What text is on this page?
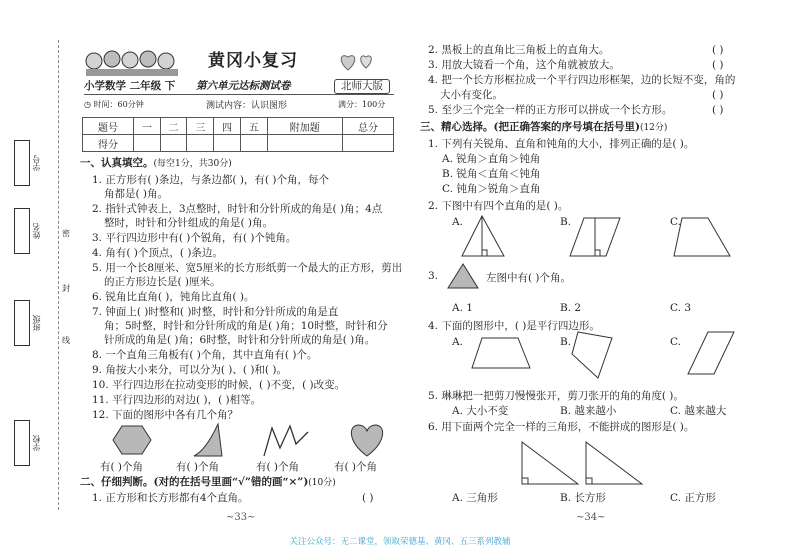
学号
姓名
班级
学校
密
封
线
黄冈小复习
小学数学 二年级 下 第六单元达标测试卷	北师大版
◷ 时间：60分钟	测试内容：认识图形	满分：100分
题号	一	二	三	四	五	附加题	总分
得分							
一、认真填空。(每空1分，共30分)
1. 正方形有( )条边，与条边都( )，有( )个角，每个
角都是( )角。
2. 指针式钟表上，3点整时，时针和分针所成的角是( )角；4点
整时，时针和分针组成的角是( )角。
3. 平行四边形中有( )个锐角，有( )个钝角。
4. 角有( )个顶点，( )条边。
5. 用一个长8厘米、宽5厘米的长方形纸剪一个最大的正方形，剪出
的正方形边长是( )厘米。
6. 锐角比直角( )，钝角比直角( )。
7. 钟面上( )时整和( )时整，时针和分针所成的角是直
角；5时整，时针和分针所成的角是( )角；10时整，时针和分
针所成的角是( )角；6时整，时针和分针所成的角是( )角。
8. 一个直角三角板有( )个角，其中直角有( )个。
9. 角按大小来分，可以分为( )、( )和( )。
10. 平行四边形在拉动变形的时候，( )不变，( )改变。
11. 平行四边形的对边( )，( )相等。
12. 下面的图形中各有几个角？
有( )个角	有( )个角	有( )个角	有( )个角
二、仔细判断。(对的在括号里画“√”错的画“×”)(10分)
1. 正方形和长方形都有4个直角。	( )
2. 黑板上的直角比三角板上的直角大。	( )
3. 用放大镜看一个角，这个角就被放大。	( )
4. 把一个长方形框拉成一个平行四边形框架，边的长短不变，角的
大小有变化。	( )
5. 至少三个完全一样的正方形可以拼成一个长方形。	( )
三、精心选择。(把正确答案的序号填在括号里)(12分)
1. 下列有关锐角、直角和钝角的大小，排列正确的是( )。
A. 锐角＞直角＞钝角
B. 锐角＜直角＜钝角
C. 钝角＞锐角＞直角
2. 下图中有四个直角的是( )。
A.	B.	C.
3.	左图中有( )个角。
A. 1	B. 2	C. 3
4. 下面的图形中，( )是平行四边形。
A.	B.	C.
5. 琳琳把一把剪刀慢慢张开，剪刀张开的角的角度( )。
A. 大小不变	B. 越来越小	C. 越来越大
6. 用下面两个完全一样的三角形，不能拼成的图形是( )。
A. 三角形	B. 长方形	C. 正方形
~33~	~34~
关注公众号：无二课堂，领取荣德基、黄冈、五三系列教辅
